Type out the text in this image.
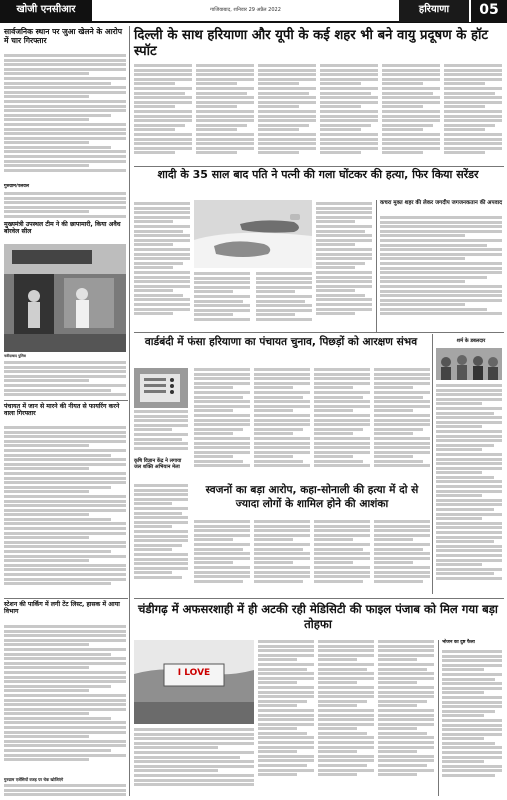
खोजी एनसीआर	गाजियाबाद, शनिवार 29 अप्रैल 2022	हरियाणा	05
सार्वजनिक स्थान पर जुआ खेलने के आरोप में चार गिरफ्तार
गुरुग्राम/पलवल
मुख्यमंत्री उपस्थल टीम ने की छापामारी, किया अवैध बोरवेल सील
फरीदाबाद पुलिस
पंचायत में जान से मारने की नीयत से फायरिंग करने वाला गिरफ्तार
स्टेशन की पार्किंग में लगी टेंट लिस्ट, हासक में आया विभाग
गुरुग्राम एजेंसियों वजह पर चेक खोजिएंगे
दिल्ली के साथ हरियाणा और यूपी के कई शहर भी बने वायु प्रदूषण के हॉट स्पॉट
शादी के 35 साल बाद पति ने पत्नी की गला घोंटकर की हत्या, फिर किया सरेंडर
कचरा मुक्त शहर की लेकर जगदीप जगजनकतान की अपवाद
वार्डबंदी में फंसा हरियाणा का पंचायत चुनाव, पिछड़ों को आरक्षण संभव
कृषि विज्ञान केंद्र ने लगाया जल शक्ति अभियान मेला
शर्म के डबलदार
स्वजनों का बड़ा आरोप, कहा-सोनाली की हत्या में दो से ज्यादा लोगों के शामिल होने की आशंका
चंडीगढ़ में अफसरशाही में ही अटकी रही मेडिसिटी की फाइल पंजाब को मिल गया बड़ा तोहफा
I LOVE
भोजन का दुष्ट फैला
